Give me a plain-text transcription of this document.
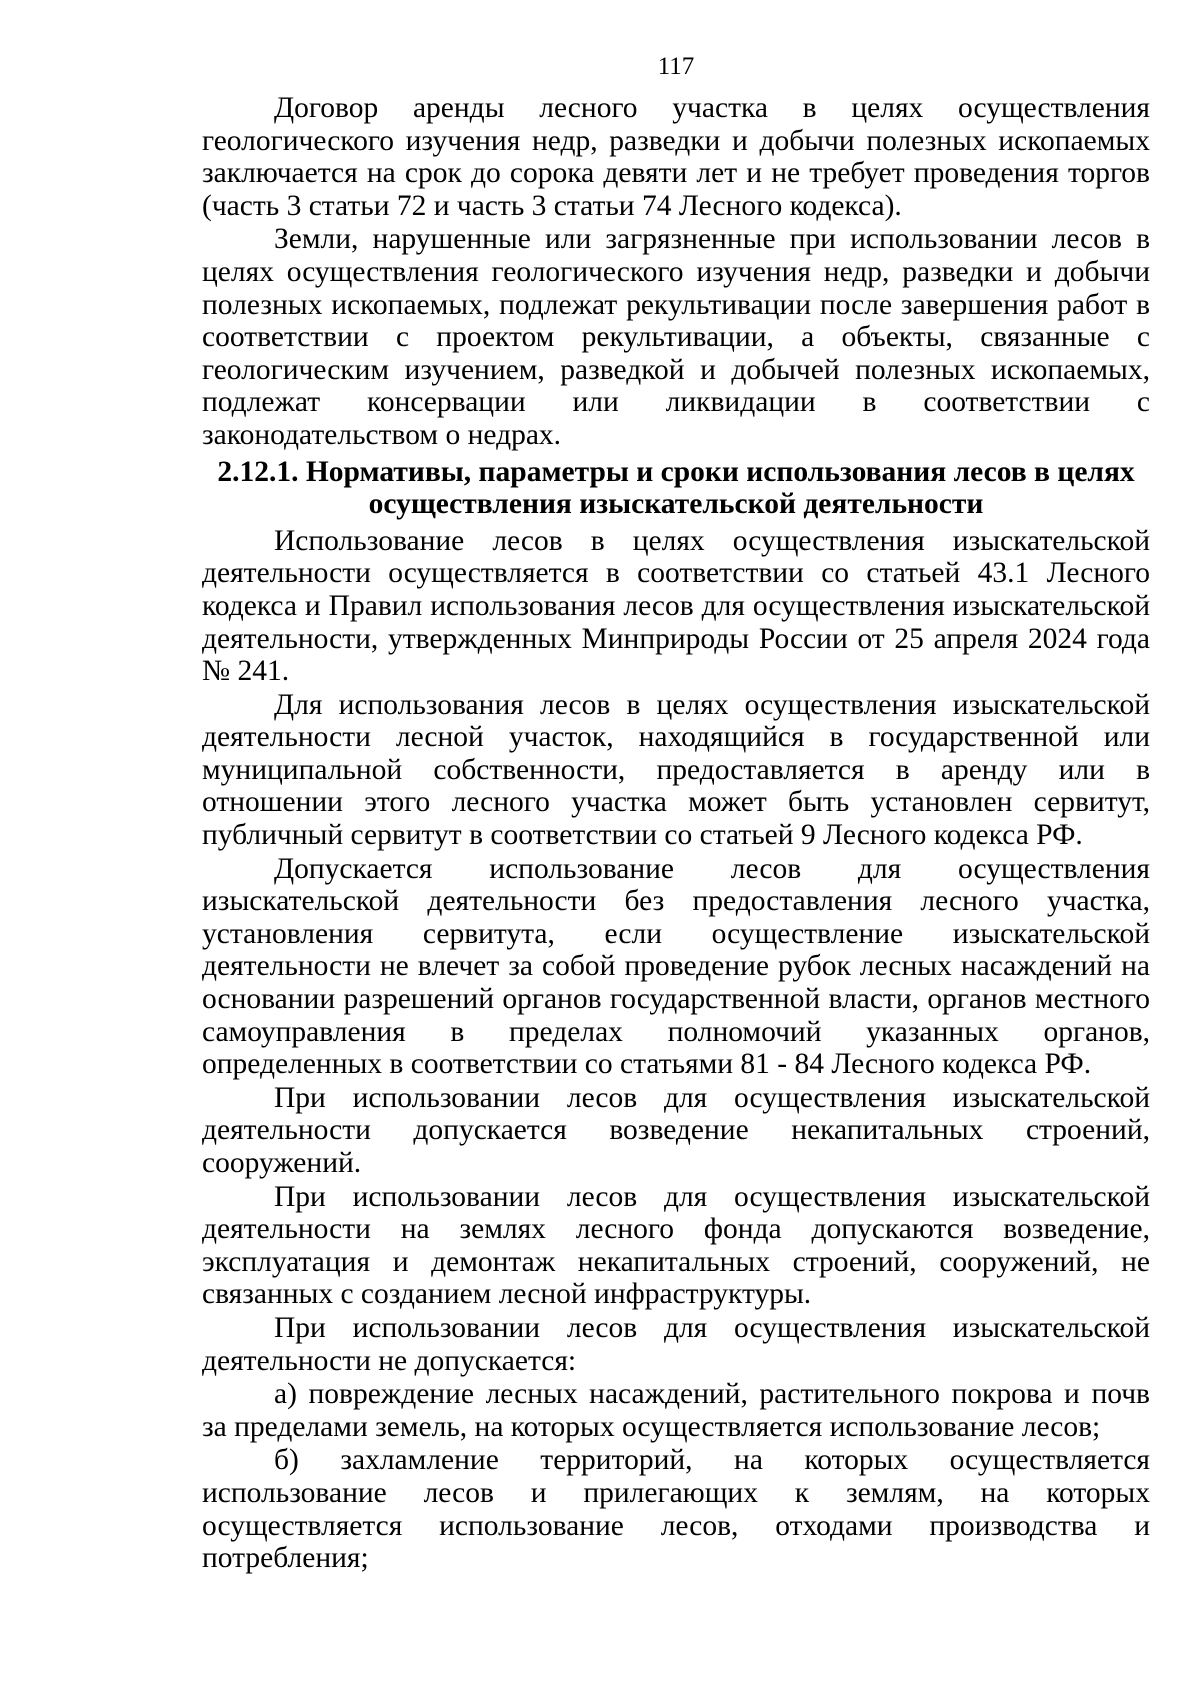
117

Договор аренды лесного участка в целях осуществления геологического изучения недр, разведки и добычи полезных ископаемых заключается на срок до сорока девяти лет и не требует проведения торгов (часть 3 статьи 72 и часть 3 статьи 74 Лесного кодекса).

Земли, нарушенные или загрязненные при использовании лесов в целях осуществления геологического изучения недр, разведки и добычи полезных ископаемых, подлежат рекультивации после завершения работ в соответствии с проектом рекультивации, а объекты, связанные с геологическим изучением, разведкой и добычей полезных ископаемых, подлежат консервации или ликвидации в соответствии с законодательством о недрах.

2.12.1. Нормативы, параметры и сроки использования лесов в целях
осуществления изыскательской деятельности

Использование лесов в целях осуществления изыскательской деятельности осуществляется в соответствии со статьей 43.1 Лесного кодекса и Правил использования лесов для осуществления изыскательской деятельности, утвержденных Минприроды России от 25 апреля 2024 года № 241.

Для использования лесов в целях осуществления изыскательской деятельности лесной участок, находящийся в государственной или муниципальной собственности, предоставляется в аренду или в отношении этого лесного участка может быть установлен сервитут, публичный сервитут в соответствии со статьей 9 Лесного кодекса РФ.

Допускается использование лесов для осуществления изыскательской деятельности без предоставления лесного участка, установления сервитута, если осуществление изыскательской деятельности не влечет за собой проведение рубок лесных насаждений на основании разрешений органов государственной власти, органов местного самоуправления в пределах полномочий указанных органов, определенных в соответствии со статьями 81 - 84 Лесного кодекса РФ.

При использовании лесов для осуществления изыскательской деятельности допускается возведение некапитальных строений, сооружений.

При использовании лесов для осуществления изыскательской деятельности на землях лесного фонда допускаются возведение, эксплуатация и демонтаж некапитальных строений, сооружений, не связанных с созданием лесной инфраструктуры.

При использовании лесов для осуществления изыскательской деятельности не допускается:

а) повреждение лесных насаждений, растительного покрова и почв за пределами земель, на которых осуществляется использование лесов;

б) захламление территорий, на которых осуществляется использование лесов и прилегающих к землям, на которых осуществляется использование лесов, отходами производства и потребления;
